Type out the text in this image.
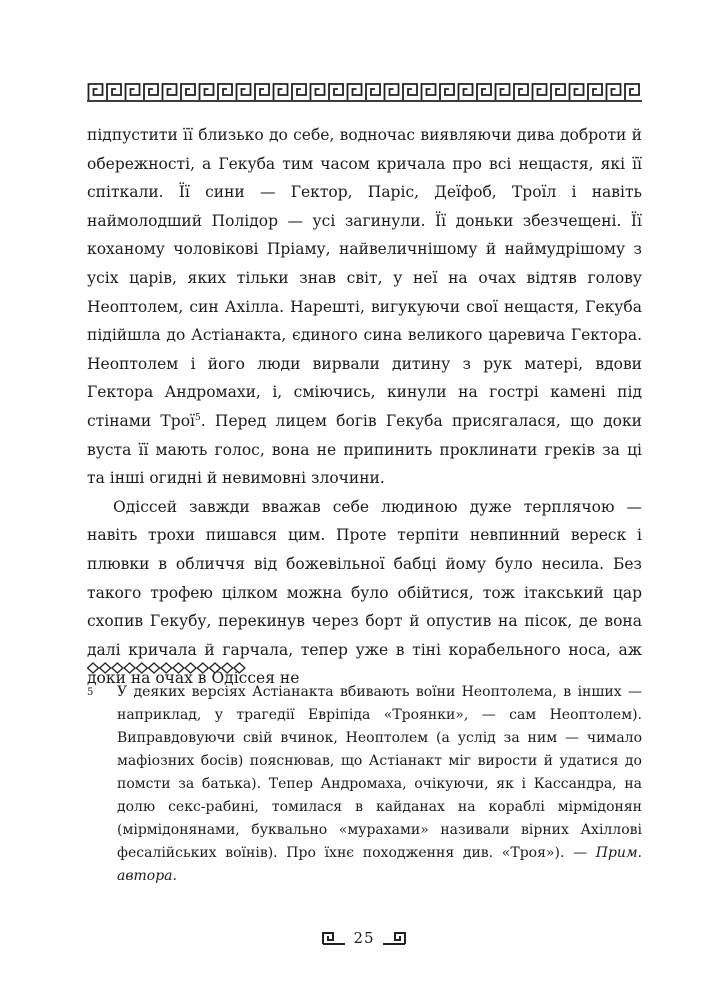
підпустити її близько до себе, водночас виявляючи дива доброти й обережності, а Гекуба тим часом кричала про всі нещастя, які її спіткали. Її сини — Гектор, Паріс, Деїфоб, Троїл і навіть наймолодший Полідор — усі загинули. Її доньки збезчещені. Її коханому чоловікові Пріаму, найвеличнішому й наймудрішому з усіх царів, яких тільки знав світ, у неї на очах відтяв голову Неоптолем, син Ахілла. Нарешті, вигукуючи свої нещастя, Гекуба підійшла до Астіанакта, єдиного сина великого царевича Гектора. Неоптолем і його люди вирвали дитину з рук матері, вдови Гектора Андромахи, і, сміючись, кинули на гострі камені під стінами Трої$^5$. Перед лицем богів Гекуба присягалася, що доки вуста її мають голос, вона не припинить проклинати греків за ці та інші огидні й невимовні злочини.

Одіссей завжди вважав себе людиною дуже терплячою — навіть трохи пишався цим. Проте терпіти невпинний вереск і плювки в обличчя від божевільної бабці йому було несила. Без такого трофею цілком можна було обійтися, тож ітакський цар схопив Гекубу, перекинув через борт й опустив на пісок, де вона далі кричала й гарчала, тепер уже в тіні корабельного носа, аж доки на очах в Одіссея не

5 У деяких версіях Астіанакта вбивають воїни Неоптолема, в інших — наприклад, у трагедії Евріпіда «Троянки», — сам Неоптолем). Виправдовуючи свій вчинок, Неоптолем (а услід за ним — чимало мафіозних босів) пояснював, що Астіанакт міг вирости й удатися до помсти за батька). Тепер Андромаха, очікуючи, як і Кассандра, на долю секс-рабині, томилася в кайданах на кораблі мірмідонян (мірмідонянами, буквально «мурахами» називали вірних Ахіллові фесалійських воїнів). Про їхнє походження див. «Троя»). — Прим. автора.
25
